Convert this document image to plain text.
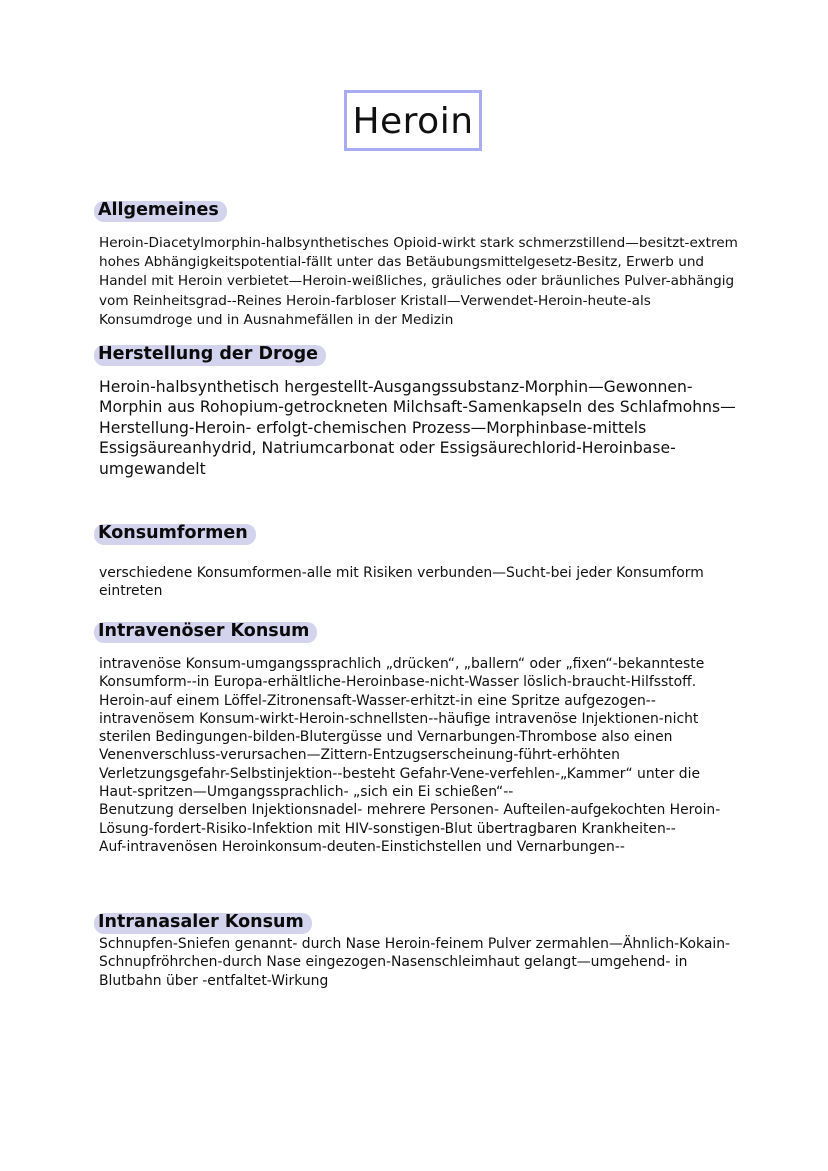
Heroin
Allgemeines

Heroin-Diacetylmorphin-halbsynthetisches Opioid-wirkt stark schmerzstillend—besitzt-extrem
hohes Abhängigkeitspotential-fällt unter das Betäubungsmittelgesetz-Besitz, Erwerb und
Handel mit Heroin verbietet—Heroin-weißliches, gräuliches oder bräunliches Pulver-abhängig
vom Reinheitsgrad--Reines Heroin-farbloser Kristall—Verwendet-Heroin-heute-als
Konsumdroge und in Ausnahmefällen in der Medizin

Herstellung der Droge

Heroin-halbsynthetisch hergestellt-Ausgangssubstanz-Morphin—Gewonnen-
Morphin aus Rohopium-getrockneten Milchsaft-Samenkapseln des Schlafmohns—
Herstellung-Heroin- erfolgt-chemischen Prozess—Morphinbase-mittels
Essigsäureanhydrid, Natriumcarbonat oder Essigsäurechlorid-Heroinbase-
umgewandelt

Konsumformen

verschiedene Konsumformen-alle mit Risiken verbunden—Sucht-bei jeder Konsumform
eintreten

Intravenöser Konsum

intravenöse Konsum-umgangssprachlich „drücken“, „ballern“ oder „fixen“-bekannteste
Konsumform--in Europa-erhältliche-Heroinbase-nicht-Wasser löslich-braucht-Hilfsstoff.
Heroin-auf einem Löffel-Zitronensaft-Wasser-erhitzt-in eine Spritze aufgezogen--
intravenösem Konsum-wirkt-Heroin-schnellsten--häufige intravenöse Injektionen-nicht
sterilen Bedingungen-bilden-Blutergüsse und Vernarbungen-Thrombose also einen
Venenverschluss-verursachen—Zittern-Entzugserscheinung-führt-erhöhten
Verletzungsgefahr-Selbstinjektion--besteht Gefahr-Vene-verfehlen-„Kammer“ unter die
Haut-spritzen—Umgangssprachlich- „sich ein Ei schießen“--
Benutzung derselben Injektionsnadel- mehrere Personen- Aufteilen-aufgekochten Heroin-
Lösung-fordert-Risiko-Infektion mit HIV-sonstigen-Blut übertragbaren Krankheiten--
Auf-intravenösen Heroinkonsum-deuten-Einstichstellen und Vernarbungen--

Intranasaler Konsum

Schnupfen-Sniefen genannt- durch Nase Heroin-feinem Pulver zermahlen—Ähnlich-Kokain-
Schnupfröhrchen-durch Nase eingezogen-Nasenschleimhaut gelangt—umgehend- in
Blutbahn über -entfaltet-Wirkung
